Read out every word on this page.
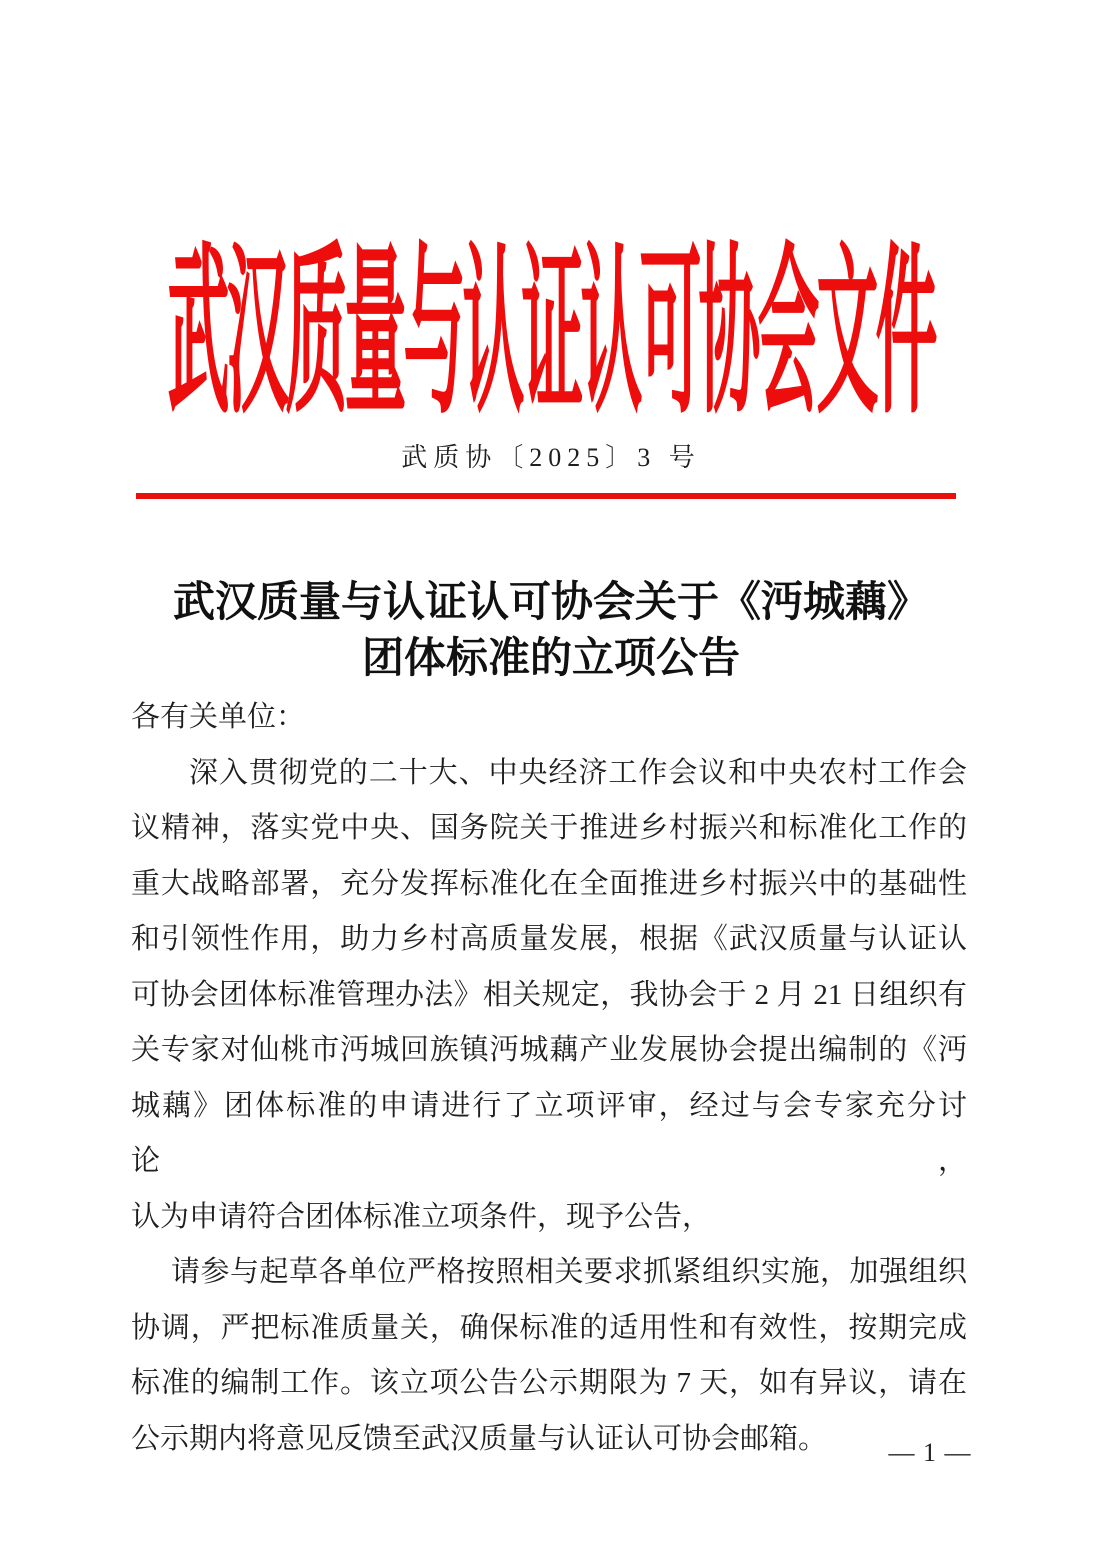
武汉质量与认证认可协会文件
武质协〔2025〕3 号
武汉质量与认证认可协会关于《沔城藕》
团体标准的立项公告
各有关单位：
深入贯彻党的二十大、中央经济工作会议和中央农村工作会
议精神，落实党中央、国务院关于推进乡村振兴和标准化工作的
重大战略部署，充分发挥标准化在全面推进乡村振兴中的基础性
和引领性作用，助力乡村高质量发展，根据《武汉质量与认证认
可协会团体标准管理办法》相关规定，我协会于 2 月 21 日组织有
关专家对仙桃市沔城回族镇沔城藕产业发展协会提出编制的《沔
城藕》团体标准的申请进行了立项评审，经过与会专家充分讨论，
认为申请符合团体标准立项条件，现予公告，
请参与起草各单位严格按照相关要求抓紧组织实施，加强组织
协调，严把标准质量关，确保标准的适用性和有效性，按期完成
标准的编制工作。该立项公告公示期限为 7 天，如有异议，请在
公示期内将意见反馈至武汉质量与认证认可协会邮箱。	— 1 —
